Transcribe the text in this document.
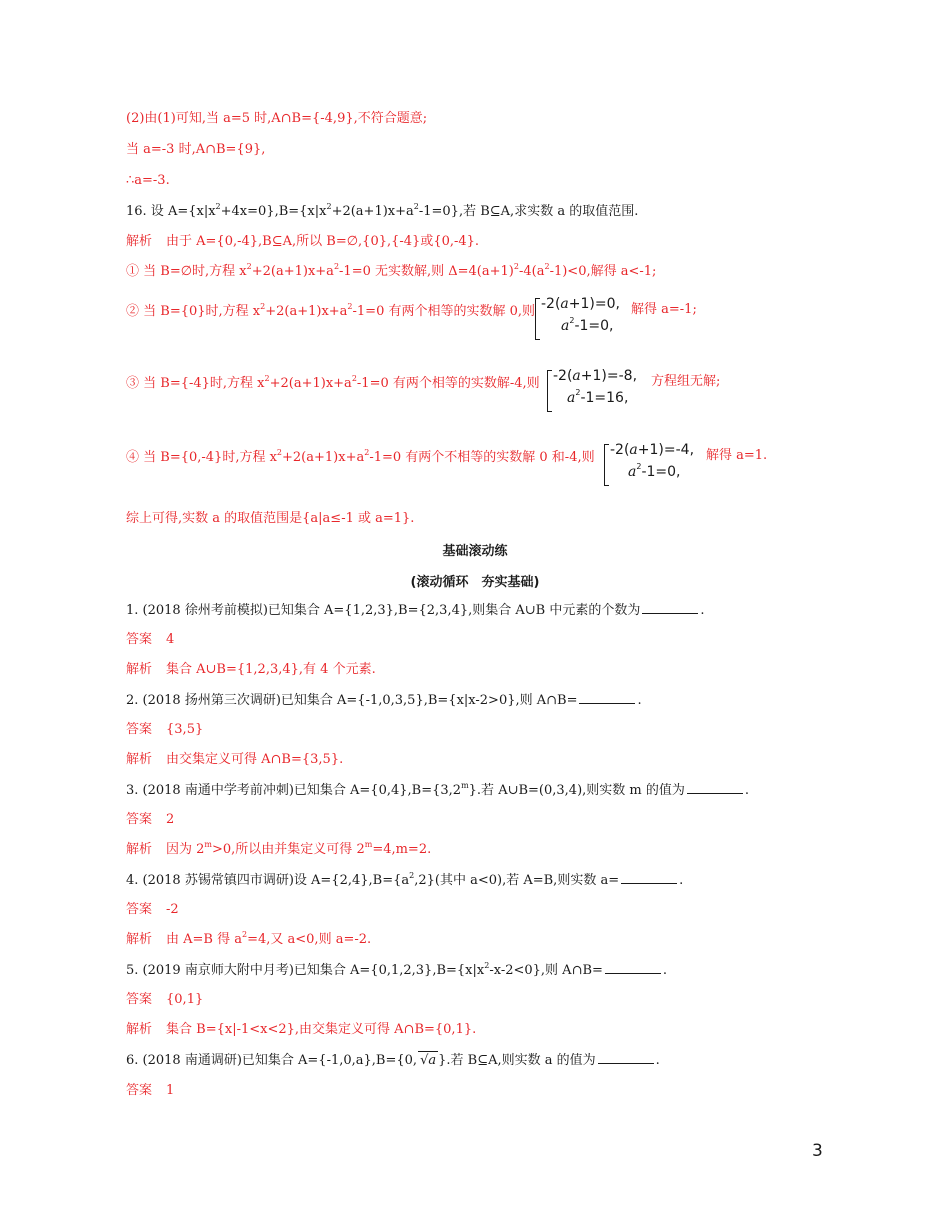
(2)由(1)可知,当 a=5 时,A∩B={-4,9},不符合题意;
当 a=-3 时,A∩B={9},
∴a=-3.
16. 设 $A=\{x|x^2+4x=0\},B=\{x|x^2+2(a+1)x+a^2-1=0\}$,若 B⊆A,求实数 a 的取值范围.
解析 由于 A={0,-4},B⊆A,所以 B=∅,{0},{-4}或{0,-4}.
① 当 B=∅时,方程 $x^2+2(a+1)x+a^2-1=0$ 无实数解,则 $\Delta=4(a+1)^2-4(a^2-1)<0$,解得 a<-1;
② 当 B={0}时,方程 $x^2+2(a+1)x+a^2-1=0$ 有两个相等的实数解 0,则 -2(a+1)=0,
$a^2-1=0$,
解得 a=-1;
③ 当 B={-4}时,方程 $x^2+2(a+1)x+a^2-1=0$ 有两个相等的实数解-4,则 -2(a+1)=-8,
$a^2-1=16$,
方程组无解;
④ 当 B={0,-4}时,方程 $x^2+2(a+1)x+a^2-1=0$ 有两个不相等的实数解 0 和-4,则 -2(a+1)=-4,
$a^2-1=0$,
解得 a=1.
综上可得,实数 a 的取值范围是{a|a≤-1 或 a=1}.
基础滚动练
(滚动循环　夯实基础)
1. (2018 徐州考前模拟)已知集合 A={1,2,3},B={2,3,4},则集合 A∪B 中元素的个数为	.
答案 4
解析 集合 A∪B={1,2,3,4},有 4 个元素.
2. (2018 扬州第三次调研)已知集合 A={-1,0,3,5},B={x|x-2>0},则 A∩B=	.
答案 {3,5}
解析 由交集定义可得 A∩B={3,5}.
3. (2018 南通中学考前冲刺)已知集合 $A=\{0,4\},B=\{3,2^m\}$.若 A∪B=(0,3,4),则实数 m 的值为	.
答案 2
解析 因为 $2^m>0$,所以由并集定义可得 $2^m=4,m=2$.
4. (2018 苏锡常镇四市调研)设 $A=\{2,4\},B=\{a^2,2\}$(其中 a<0),若 A=B,则实数 a=	.
答案 -2
解析 由 A=B 得 $a^2=4$,又 a<0,则 a=-2.
5. (2019 南京师大附中月考)已知集合 $A=\{0,1,2,3\},B=\{x|x^2-x-2<0\}$,则 A∩B=	.
答案 {0,1}
解析 集合 B={x|-1<x<2},由交集定义可得 A∩B={0,1}.
6. (2018 南通调研)已知集合 A={-1,0,a},B={0, √a }.若 B⊆A,则实数 a 的值为	.
答案 1
3
